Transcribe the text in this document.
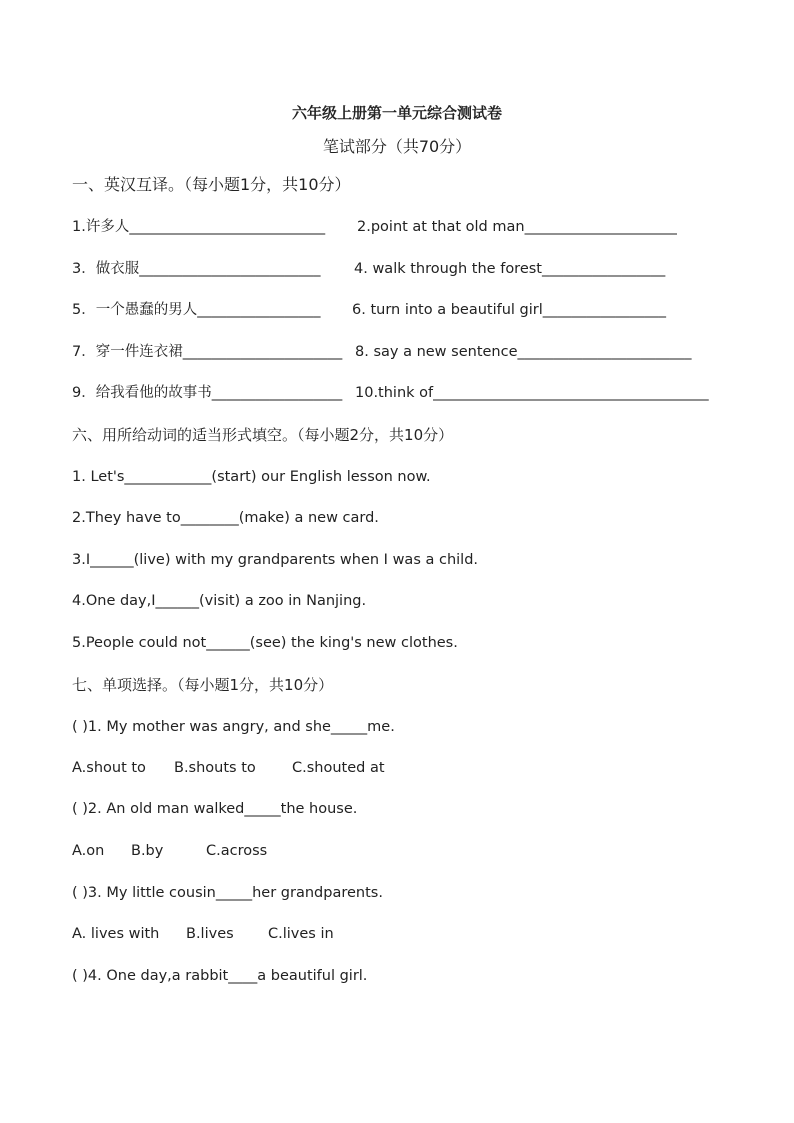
六年级上册第一单元综合测试卷
笔试部分（共70分）
一、英汉互译。（每小题1分，共10分）
1.许多人___________________________ 2.point at that old man_____________________
3．做衣服_________________________ 4. walk through the forest_________________
5．一个愚蠢的男人_________________ 6. turn into a beautiful girl_________________
7．穿一件连衣裙______________________ 8. say a new sentence________________________
9．给我看他的故事书__________________ 10.think of______________________________________
六、用所给动词的适当形式填空。（每小题2分，共10分）
1. Let's____________(start) our English lesson now.
2.They have to________(make) a new card.
3.I______(live) with my grandparents when I was a child.
4.One day,I______(visit) a zoo in Nanjing.
5.People could not______(see) the king's new clothes.
七、单项选择。（每小题1分，共10分）
( )1. My mother was angry, and she_____me.
A.shout to B.shouts to C.shouted at
( )2. An old man walked_____the house.
A.on B.by	C.across
( )3. My little cousin_____her grandparents.
A. lives with B.lives C.lives in
( )4. One day,a rabbit____a beautiful girl.
